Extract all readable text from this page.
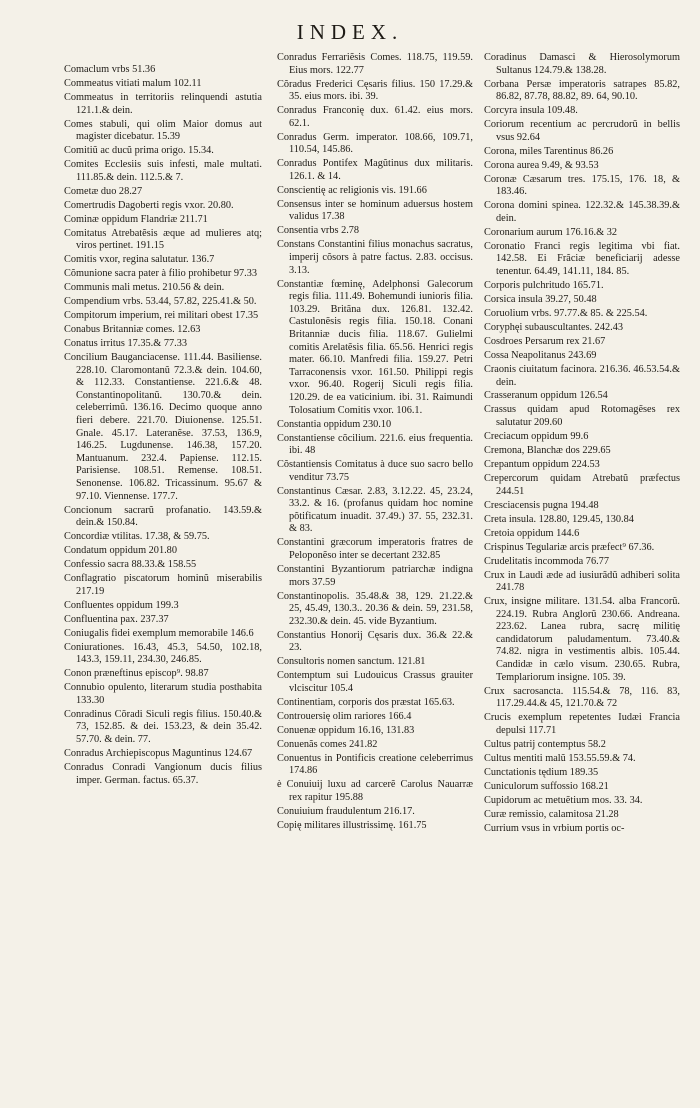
INDEX.
Comaclum vrbs 51.36
Commeatus vitiati malum 102.11
Commeatus in territoriis relinquendi astutia 121.1.& dein.
Comes stabuli, qui olim Maior domus aut magister dicebatur. 15.39
Comitiũ ac ducũ prima origo. 15.34.
Comites Ecclesiis suis infesti, male multati. 111.85.& dein. 112.5.& 7.
Cometæ duo 28.27
Comertrudis Dagoberti regis vxor. 20.80.
Cominæ oppidum Flandriæ 211.71
Comitatus Atrebatẽsis æque ad mulieres atq; viros pertinet. 191.15
Comitis vxor, regina salutatur. 136.7
Cõmunione sacra pater à filio prohibetur 97.33
Communis mali metus. 210.56 & dein.
Compendium vrbs. 53.44, 57.82, 225.41.& 50.
Compitorum imperium, rei militari obest 17.35
Conabus Britanniæ comes. 12.63
Conatus irritus 17.35.& 77.33
Concilium Bauganciacense. 111.44. Basiliense. 228.10. Claromontanũ 72.3.& dein. 104.60, & 112.33. Constantiense. 221.6.& 48. Constantinopolitanũ. 130.70.& dein. celeberrimũ. 136.16. Decimo quoque anno fieri debere. 221.70. Diuionense. 125.51. Gnale. 45.17. Lateranẽse. 37.53, 136.9, 146.25. Lugdunense. 146.38, 157.20. Mantuanum. 232.4. Papiense. 112.15. Parisiense. 108.51. Remense. 108.51. Senonense. 106.82. Tricassinum. 95.67 & 97.10. Viennense. 177.7.
Concionum sacrarũ profanatio. 143.59.& dein.& 150.84.
Concordiæ vtilitas. 17.38, & 59.75.
Condatum oppidum 201.80
Confessio sacra 88.33.& 158.55
Conflagratio piscatorum hominũ miserabilis 217.19
Confluentes oppidum 199.3
Confluentina pax. 237.37
Coniugalis fidei exemplum memorabile 146.6
Coniurationes. 16.43, 45.3, 54.50, 102.18, 143.3, 159.11, 234.30, 246.85.
Conon præneftinus episcop⁹. 98.87
Connubio opulento, literarum studia posthabita 133.30
Conradinus Cõradi Siculi regis filius. 150.40.& 73, 152.85. & dei. 153.23, & dein 35.42. 57.70. & dein. 77.
Conradus Archiepiscopus Maguntinus 124.67
Conradus Conradi Vangionum ducis filius imper. German. factus. 65.37.
Conradus Ferrariẽsis Comes. 118.75, 119.59. Eius mors. 122.77
Cõradus Frederici Cęsaris filius. 150 17.29.& 35. eius mors. ibi. 39.
Conradus Franconię dux. 61.42. eius mors. 62.1.
Conradus Germ. imperator. 108.66, 109.71, 110.54, 145.86.
Conradus Pontifex Magũtinus dux militaris. 126.1. & 14.
Conscientię ac religionis vis. 191.66
Consensus inter se hominum aduersus hostem validus 17.38
Consentia vrbs 2.78
Constans Constantini filius monachus sacratus, imperij cõsors à patre factus. 2.83. occisus. 3.13.
Constantiæ fœminę, Adelphonsi Galecorum regis filia. 111.49. Bohemundi iunioris filia. 103.29. Britãna dux. 126.81. 132.42. Castulonẽsis regis filia. 150.18. Conani Britanniæ ducis filia. 118.67. Gulielmi comitis Arelatẽsis filia. 65.56. Henrici regis mater. 66.10. Manfredi filia. 159.27. Petri Tarraconensis vxor. 161.50. Philippi regis vxor. 96.40. Rogerij Siculi regis filia. 120.29. de ea vaticinium. ibi. 31. Raimundi Tolosatium Comitis vxor. 106.1.
Constantia oppidum 230.10
Constantiense cõcilium. 221.6. eius frequentia. ibi. 48
Cõstantiensis Comitatus à duce suo sacro bello venditur 73.75
Constantinus Cæsar. 2.83, 3.12.22. 45, 23.24, 33.2. & 16. (profanus quidam hoc nomine põtificatum inuadit. 37.49.) 37. 55, 232.31. & 83.
Constantini græcorum imperatoris fratres de Peloponẽso inter se decertant 232.85
Constantini Byzantiorum patriarchæ indigna mors 37.59
Constantinopolis. 35.48.& 38, 129. 21.22.& 25, 45.49, 130.3.. 20.36 & dein. 59, 231.58, 232.30.& dein. 45. vide Byzantium.
Constantius Honorij Cęsaris dux. 36.& 22.& 23.
Consultoris nomen sanctum. 121.81
Contemptum sui Ludouicus Crassus grauiter vlciscitur 105.4
Continentiam, corporis dos præstat 165.63.
Controuersię olim rariores 166.4
Conuenæ oppidum 16.16, 131.83
Conuenãs comes 241.82
Conuentus in Pontificis creatione celeberrimus 174.86
è Conuiuij luxu ad carcerẽ Carolus Nauarræ rex rapitur 195.88
Conuiuium fraudulentum 216.17.
Copię militares illustrissimę. 161.75
Coradinus Damasci & Hierosolymorum Sultanus 124.79.& 138.28.
Corbana Persæ imperatoris satrapes 85.82, 86.82, 87.78, 88.82, 89. 64, 90.10.
Corcyra insula 109.48.
Coriorum recentium ac percrudorũ in bellis vsus 92.64
Corona, miles Tarentinus 86.26
Corona aurea 9.49, & 93.53
Coronæ Cæsarum tres. 175.15, 176. 18, & 183.46.
Corona domini spinea. 122.32.& 145.38.39.& dein.
Coronarium aurum 176.16.& 32
Coronatio Franci regis legitima vbi fiat. 142.58. Ei Frãciæ beneficiarij adesse tenentur. 64.49, 141.11, 184. 85.
Corporis pulchritudo 165.71.
Corsica insula 39.27, 50.48
Coruolium vrbs. 97.77.& 85. & 225.54.
Coryphęi subauscultantes. 242.43
Cosdroes Persarum rex 21.67
Cossa Neapolitanus 243.69
Craonis ciuitatum facinora. 216.36. 46.53.54.& dein.
Crasseranum oppidum 126.54
Crassus quidam apud Rotomagẽses rex salutatur 209.60
Creciacum oppidum 99.6
Cremona, Blanchæ dos 229.65
Crepantum oppidum 224.53
Crepercorum quidam Atrebatũ præfectus 244.51
Cresciacensis pugna 194.48
Creta insula. 128.80, 129.45, 130.84
Cretoia oppidum 144.6
Crispinus Tegulariæ arcis præfect⁹ 67.36.
Crudelitatis incommoda 76.77
Crux in Laudi æde ad iusiurãdũ adhiberi solita 241.78
Crux, insigne militare. 131.54. alba Francorũ. 224.19. Rubra Anglorũ 230.66. Andreana. 223.62. Lanea rubra, sacrę militię candidatorum paludamentum. 73.40.& 74.82. nigra in vestimentis albis. 105.44. Candidæ in cælo visum. 230.65. Rubra, Templariorum insigne. 105. 39.
Crux sacrosancta. 115.54.& 78, 116. 83, 117.29.44.& 45, 121.70.& 72
Crucis exemplum repetentes Iudæi Francia depulsi 117.71
Cultus patrij contemptus 58.2
Cultus mentiti malũ 153.55.59.& 74.
Cunctationis tędium 189.35
Cuniculorum suffossio 168.21
Cupidorum ac metuẽtium mos. 33. 34.
Curæ remissio, calamitosa 21.28
Currium vsus in vrbium portis oc-
